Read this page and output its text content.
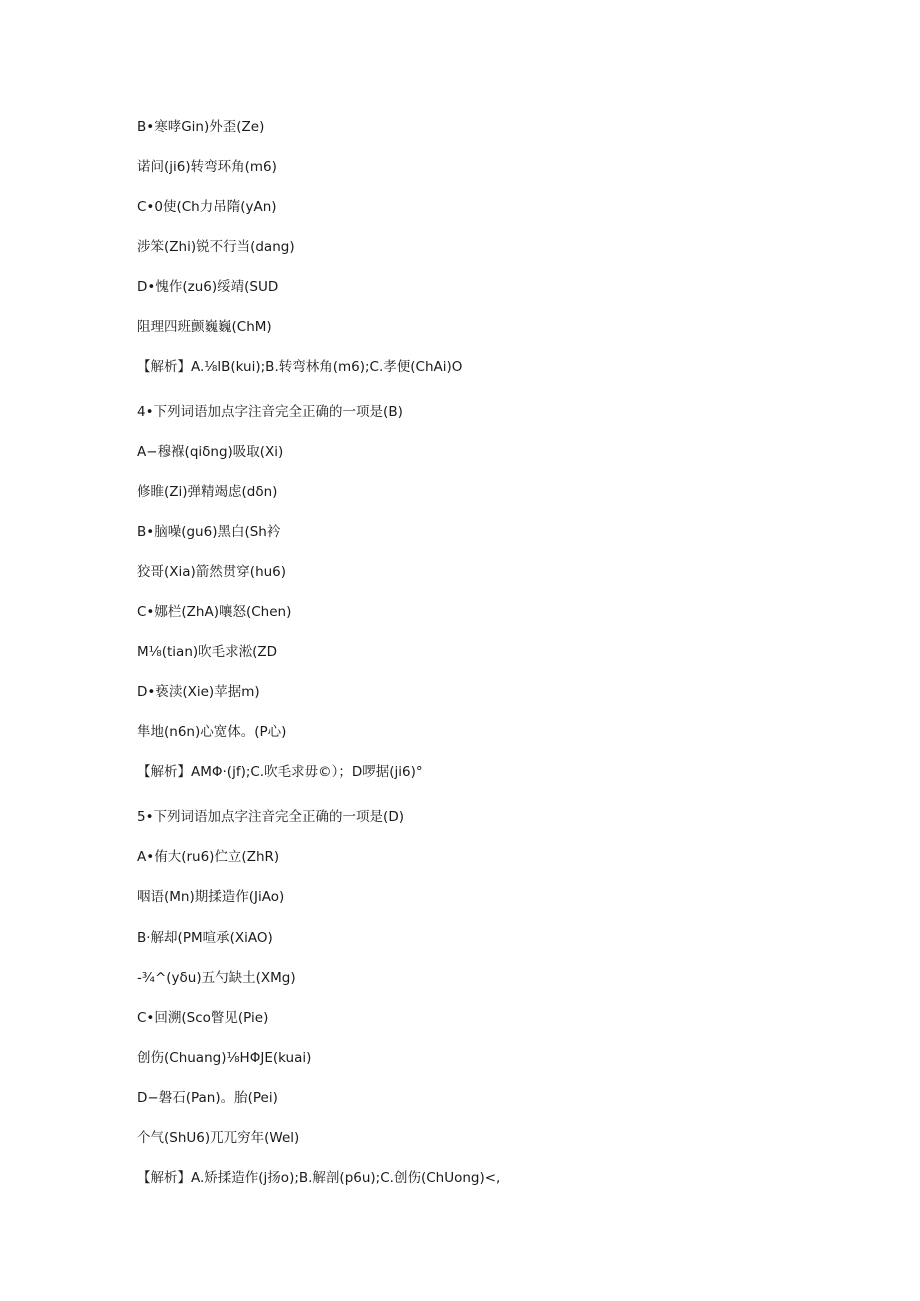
B•寒哮Gin)外歪(Ze)
诺问(ji6)转弯环角(m6)
C•0使(Ch力吊隋(yAn)
涉笨(Zhi)锐不行当(dang)
D•愧作(zu6)绥靖(SUD
阻理四班颤巍巍(ChM)
【解析】A.⅛lB(kui);B.转弯林角(m6);C.孝便(ChAi)O
4•下列词语加点字注音完全正确的一项是(B)
A−穆褓(qiδng)吸取(Xi)
修睢(Zi)弹精竭虑(dδn)
B•脑噪(gu6)黑白(Sh衿
狡哥(Xia)箭然贯穿(hu6)
C•娜栏(ZhA)嚷怒(Chen)
M⅛(tian)吹毛求淞(ZD
D•亵渎(Xie)苹据m)
隼地(n6n)心宽体。(P心)
【解析】AMΦ·(jf);C.吹毛求毋©）；D啰据(ji6)°
5•下列词语加点字注音完全正确的一项是(D)
A•侑大(ru6)伫立(ZhR)
咽语(Mn)期揉造作(JiAo)
B·解却(PM喧承(XiAO)
-¾^(yδu)五勺缺土(XMg)
C•回溯(Sco瞥见(Pie)
创伤(Chuang)⅛HΦJE(kuai)
D−磐石(Pan)。胎(Pei)
个气(ShU6)兀兀穷年(Wel)
【解析】A.矫揉造作(j扬o);B.解剖(p6u);C.创伤(ChUong)<,
